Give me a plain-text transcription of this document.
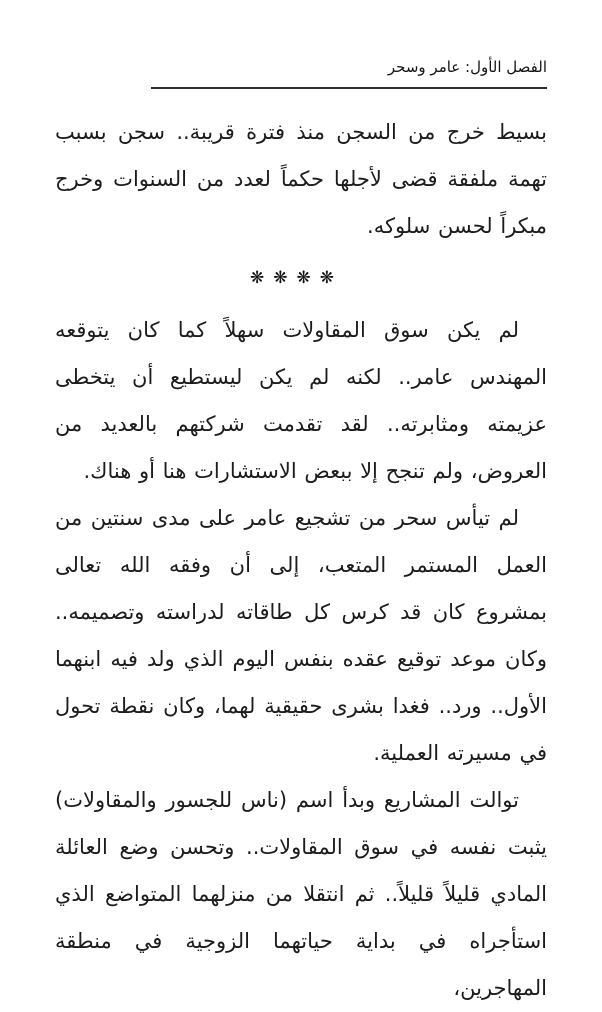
الفصل الأول: عامر وسحر

بسيط خرج من السجن منذ فترة قريبة.. سجن بسبب تهمة ملفقة قضى لأجلها حكماً لعدد من السنوات وخرج مبكراً لحسن سلوكه.

❋❋❋❋

لم يكن سوق المقاولات سهلاً كما كان يتوقعه المهندس عامر.. لكنه لم يكن ليستطيع أن يتخطى عزيمته ومثابرته.. لقد تقدمت شركتهم بالعديد من العروض، ولم تنجح إلا ببعض الاستشارات هنا أو هناك.

لم تيأس سحر من تشجيع عامر على مدى سنتين من العمل المستمر المتعب، إلى أن وفقه الله تعالى بمشروع كان قد كرس كل طاقاته لدراسته وتصميمه.. وكان موعد توقيع عقده بنفس اليوم الذي ولد فيه ابنهما الأول.. ورد.. فغدا بشرى حقيقية لهما، وكان نقطة تحول في مسيرته العملية.

توالت المشاريع وبدأ اسم (ناس للجسور والمقاولات) يثبت نفسه في سوق المقاولات.. وتحسن وضع العائلة المادي قليلاً قليلاً.. ثم انتقلا من منزلهما المتواضع الذي استأجراه في بداية حياتهما الزوجية في منطقة المهاجرين،
